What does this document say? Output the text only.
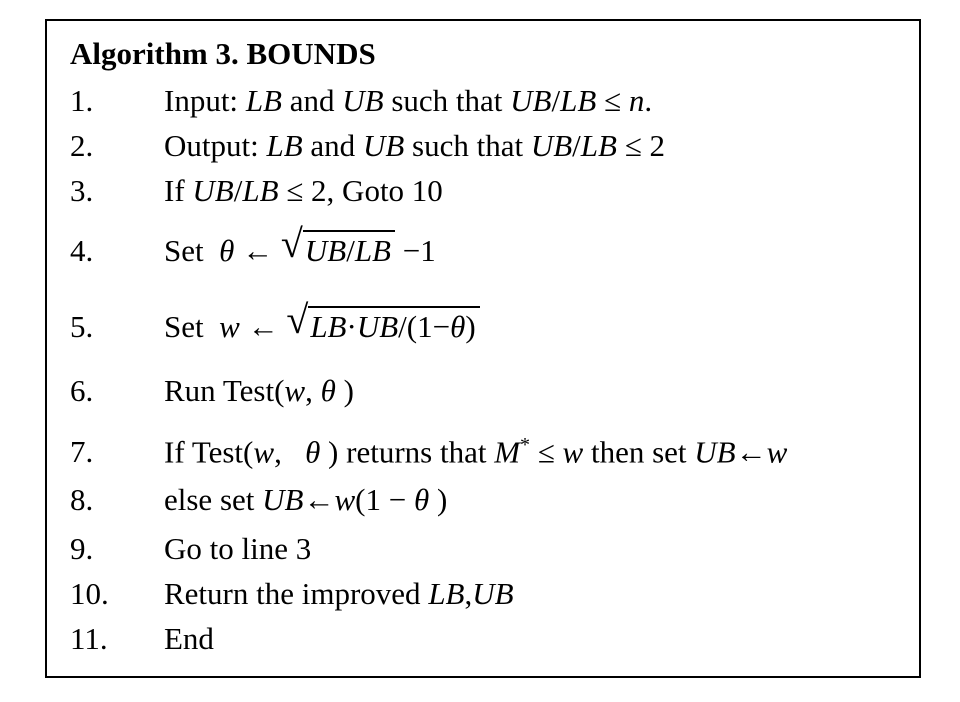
Algorithm 3. BOUNDS
1. Input: LB and UB such that UB/LB ≤ n.
2. Output: LB and UB such that UB/LB ≤ 2
3. If UB/LB ≤ 2, Goto 10
4. Set  θ ← √ UB/LB −1
5. Set  w ← √ LB·UB/(1−θ)
6. Run Test(w, θ )
7. If Test(w,   θ ) returns that M* ≤ w then set UB←w
8. else set UB←w(1 − θ )
9. Go to line 3
10. Return the improved LB,UB
11. End
